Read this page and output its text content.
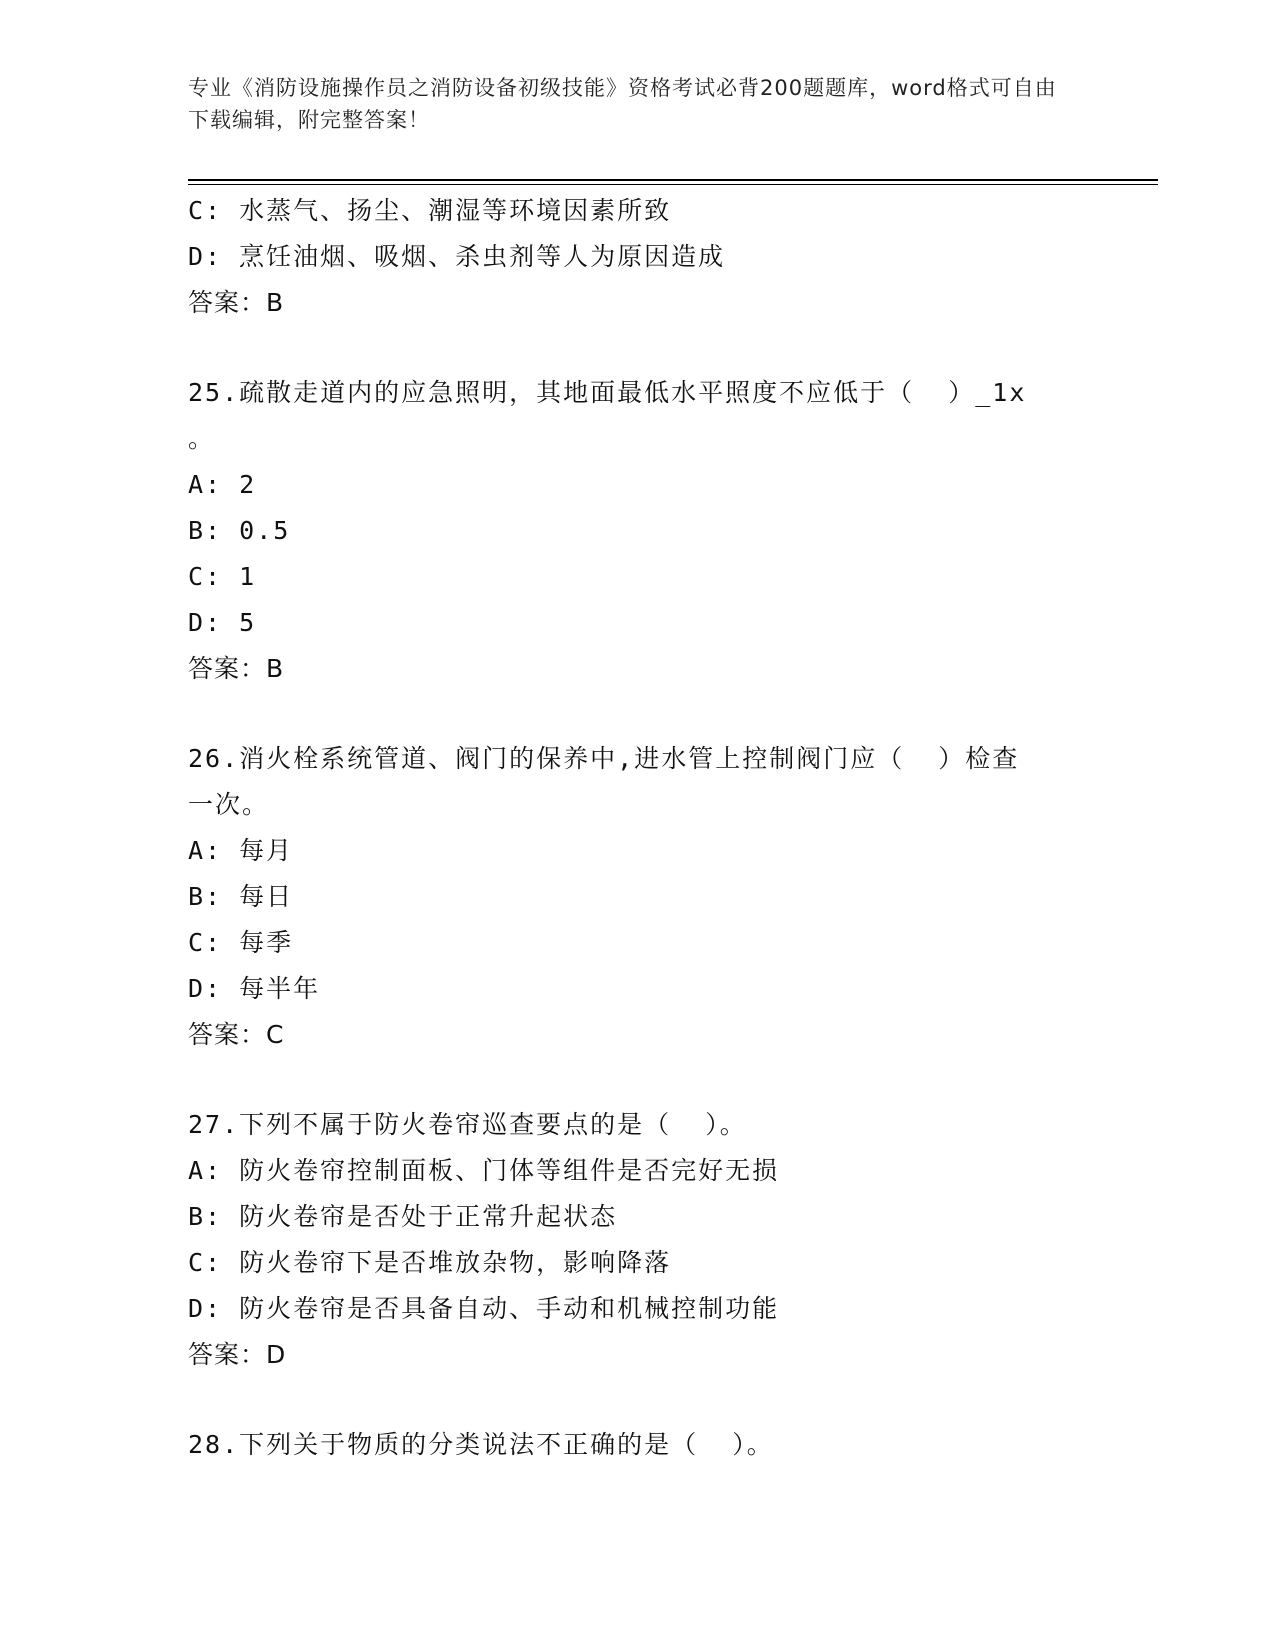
专业《消防设施操作员之消防设备初级技能》资格考试必背200题题库，word格式可自由下载编辑，附完整答案！
C: 水蒸气、扬尘、潮湿等环境因素所致
D: 烹饪油烟、吸烟、杀虫剂等人为原因造成
答案：B
25.疏散走道内的应急照明，其地面最低水平照度不应低于（  ）_1x
。
A: 2
B: 0.5
C: 1
D: 5
答案：B
26.消火栓系统管道、阀门的保养中,进水管上控制阀门应（  ）检查
一次。
A: 每月
B: 每日
C: 每季
D: 每半年
答案：C
27.下列不属于防火卷帘巡查要点的是（  ）。
A: 防火卷帘控制面板、门体等组件是否完好无损
B: 防火卷帘是否处于正常升起状态
C: 防火卷帘下是否堆放杂物，影响降落
D: 防火卷帘是否具备自动、手动和机械控制功能
答案：D
28.下列关于物质的分类说法不正确的是（  ）。
